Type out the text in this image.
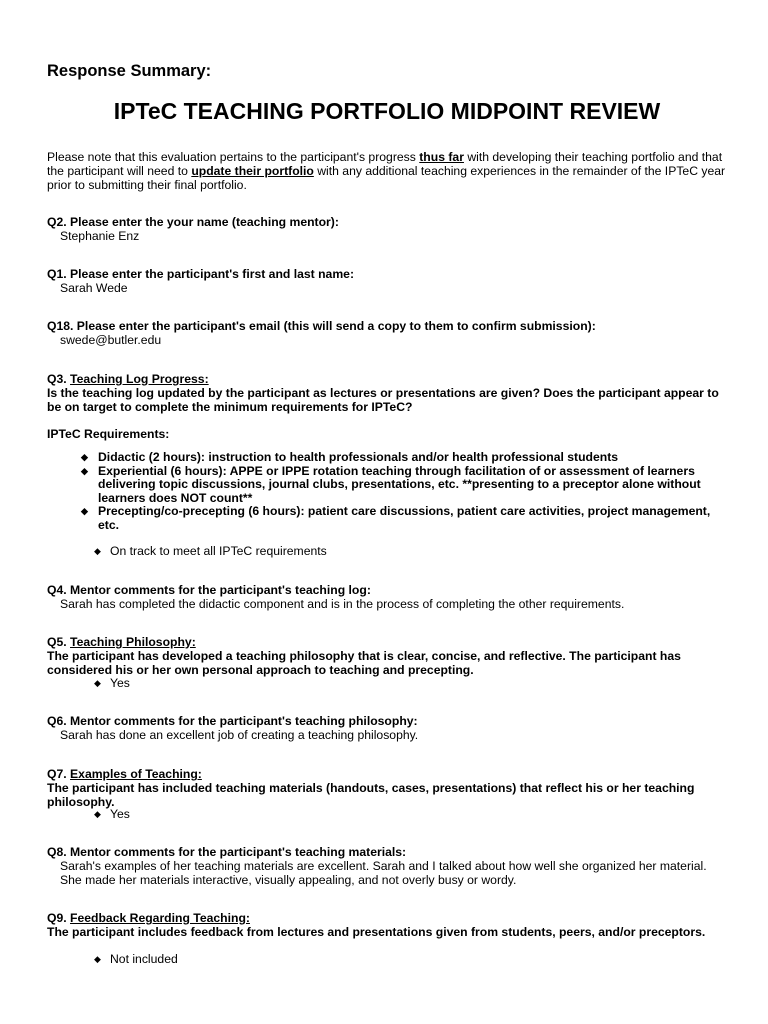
Response Summary:
IPTeC TEACHING PORTFOLIO MIDPOINT REVIEW
Please note that this evaluation pertains to the participant's progress thus far with developing their teaching portfolio and that the participant will need to update their portfolio with any additional teaching experiences in the remainder of the IPTeC year prior to submitting their final portfolio.
Q2. Please enter the your name (teaching mentor):
Stephanie Enz
Q1. Please enter the participant's first and last name:
Sarah Wede
Q18. Please enter the participant's email (this will send a copy to them to confirm submission):
swede@butler.edu
Q3. Teaching Log Progress:
Is the teaching log updated by the participant as lectures or presentations are given? Does the participant appear to be on target to complete the minimum requirements for IPTeC?
IPTeC Requirements:
◆ Didactic (2 hours): instruction to health professionals and/or health professional students
◆ Experiential (6 hours): APPE or IPPE rotation teaching through facilitation of or assessment of learners delivering topic discussions, journal clubs, presentations, etc. **presenting to a preceptor alone without learners does NOT count**
◆ Precepting/co-precepting (6 hours): patient care discussions, patient care activities, project management, etc.
◆ On track to meet all IPTeC requirements
Q4. Mentor comments for the participant's teaching log:
Sarah has completed the didactic component and is in the process of completing the other requirements.
Q5. Teaching Philosophy:
The participant has developed a teaching philosophy that is clear, concise, and reflective. The participant has considered his or her own personal approach to teaching and precepting.
◆ Yes
Q6. Mentor comments for the participant's teaching philosophy:
Sarah has done an excellent job of creating a teaching philosophy.
Q7. Examples of Teaching:
The participant has included teaching materials (handouts, cases, presentations) that reflect his or her teaching philosophy.
◆ Yes
Q8. Mentor comments for the participant's teaching materials:
Sarah's examples of her teaching materials are excellent. Sarah and I talked about how well she organized her material. She made her materials interactive, visually appealing, and not overly busy or wordy.
Q9. Feedback Regarding Teaching:
The participant includes feedback from lectures and presentations given from students, peers, and/or preceptors.
◆ Not included
